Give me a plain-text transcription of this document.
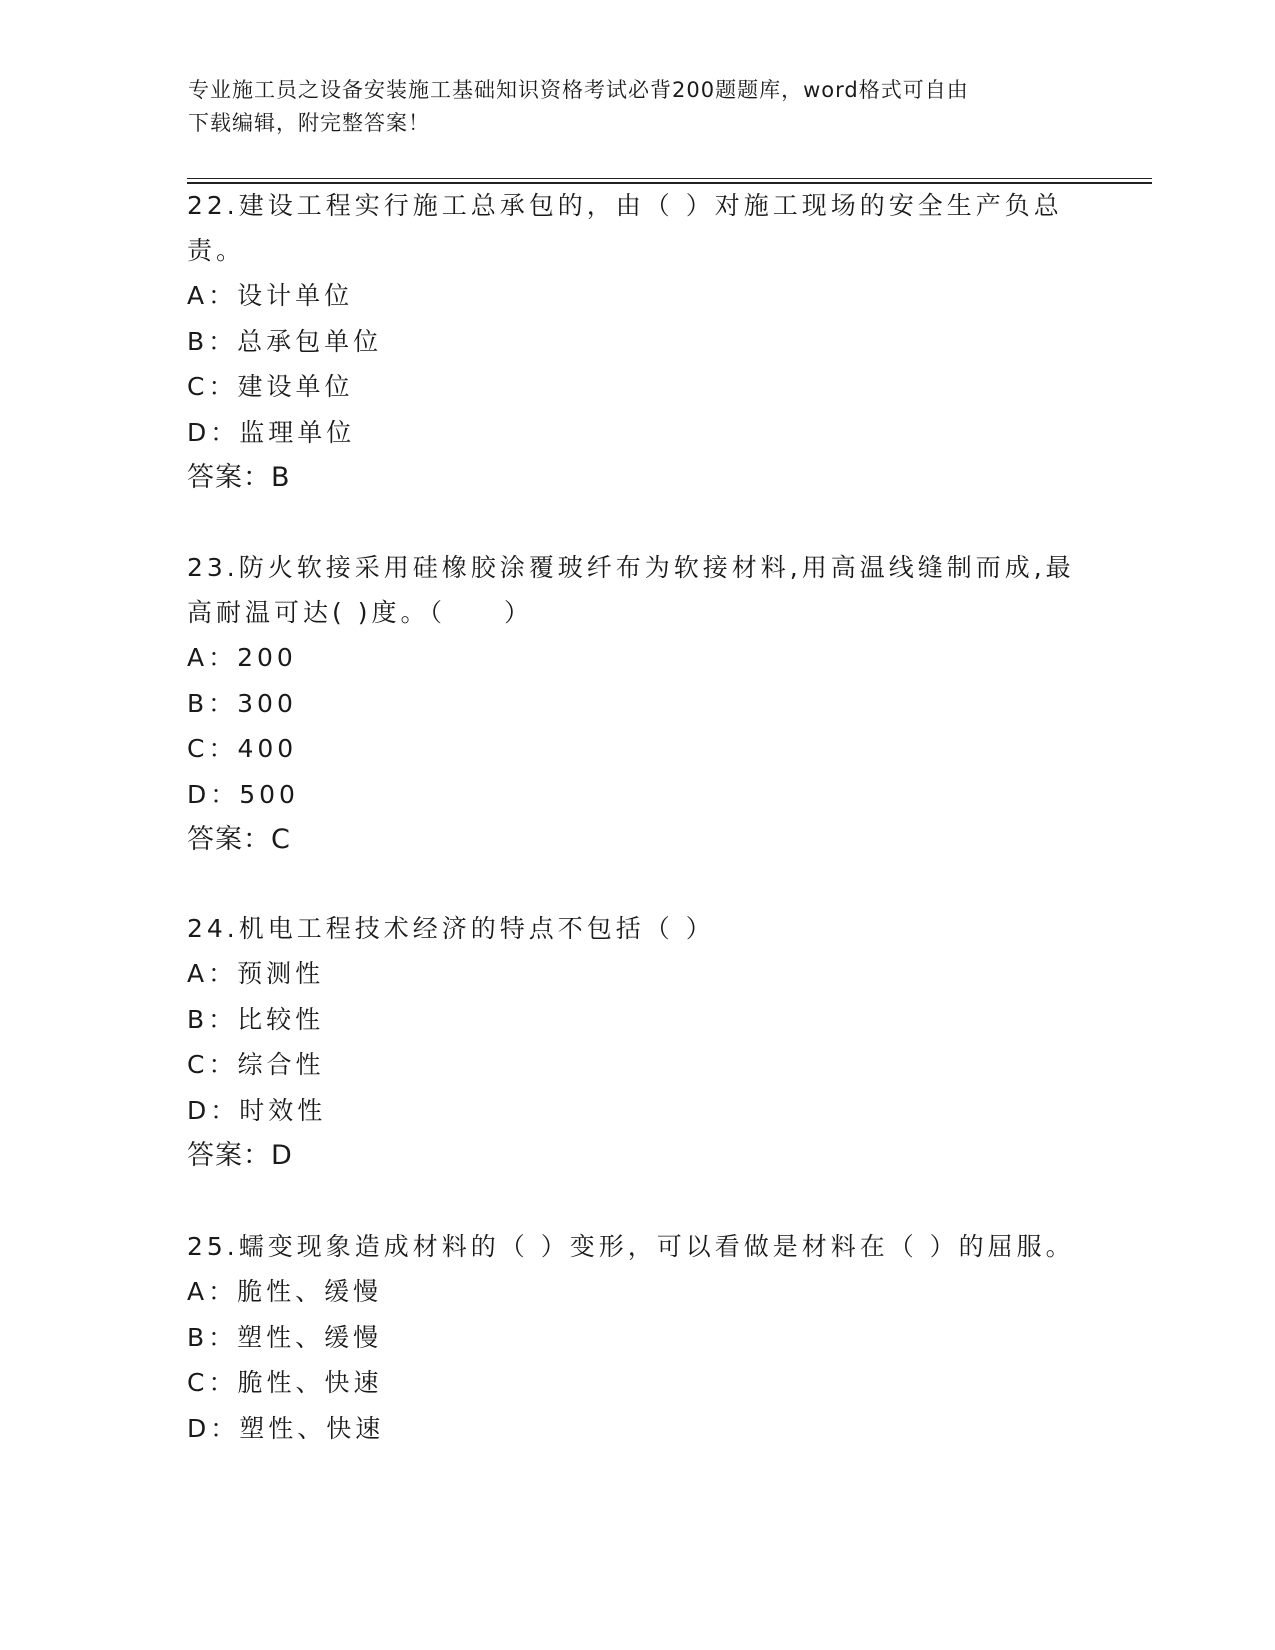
专业施工员之设备安装施工基础知识资格考试必背200题题库，word格式可自由

下载编辑，附完整答案！

22.建设工程实行施工总承包的，由（ ）对施工现场的安全生产负总

责。

A：设计单位
B：总承包单位
C：建设单位
D：监理单位

答案：B

23.防火软接采用硅橡胶涂覆玻纤布为软接材料,用高温线缝制而成,最

高耐温可达( )度。（　　）

A：200
B：300
C：400
D：500

答案：C

24.机电工程技术经济的特点不包括（ ）

A：预测性
B：比较性
C：综合性
D：时效性

答案：D

25.蠕变现象造成材料的（ ）变形，可以看做是材料在（ ）的屈服。

A：脆性、缓慢
B：塑性、缓慢
C：脆性、快速
D：塑性、快速
